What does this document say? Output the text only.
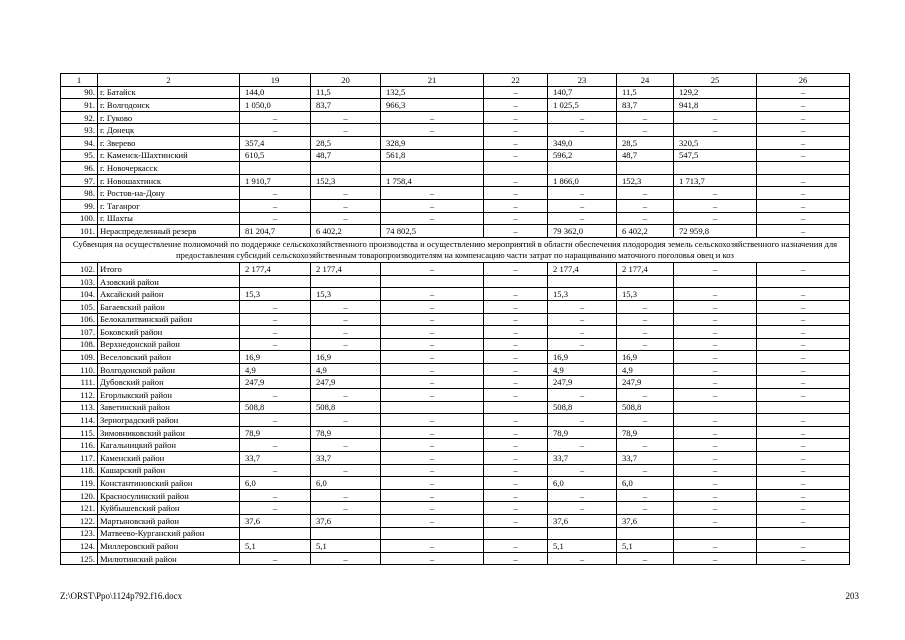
1	2	19	20	21	22	23	24	25	26
90.	г. Батайск	144,0	11,5	132,5	–	140,7	11,5	129,2	–
91.	г. Волгодонск	1 050,0	83,7	966,3	–	1 025,5	83,7	941,8	–
92.	г. Гуково	–	–	–	–	–	–	–	–
93.	г. Донецк	–	–	–	–	–	–	–	–
94.	г. Зверево	357,4	28,5	328,9	–	349,0	28,5	320,5	–
95.	г. Каменск-Шахтинский	610,5	48,7	561,8	–	596,2	48,7	547,5	–
96.	г. Новочеркасск								
97.	г. Новошахтинск	1 910,7	152,3	1 758,4	–	1 866,0	152,3	1 713,7	–
98.	г. Ростов-на-Дону	–	–	–	–	–	–	–	–
99.	г. Таганрог	–	–	–	–	–	–	–	–
100.	г. Шахты	–	–	–	–	–	–	–	–
101.	Нераспределенный резерв	81 204,7	6 402,2	74 802,5	–	79 362,0	6 402,2	72 959,8	–
Субвенция на осуществление полномочий по поддержке сельскохозяйственного производства и осуществлению мероприятий в области обеспечения плодородия земель сельскохозяйственного назначения для предоставления субсидий сельскохозяйственным товаропроизводителям на компенсацию части затрат по наращиванию маточного поголовья овец и коз									
102.	Итого	2 177,4	2 177,4	–	–	2 177,4	2 177,4	–	–
103.	Азовский район								
104.	Аксайский район	15,3	15,3	–	–	15,3	15,3	–	–
105.	Багаевский район	–	–	–	–	–	–	–	–
106.	Белокалитвинский район	–	–	–	–	–	–	–	–
107.	Боковский район	–	–	–	–	–	–	–	–
108.	Верхнедонской район	–	–	–	–	–	–	–	–
109.	Веселовский район	16,9	16,9	–	–	16,9	16,9	–	–
110.	Волгодонской район	4,9	4,9	–	–	4,9	4,9	–	–
111.	Дубовский район	247,9	247,9	–	–	247,9	247,9	–	–
112.	Егорлыкский район	–	–	–	–	–	–	–	–
113.	Заветинский район	508,8	508,8			508,8	508,8		
114.	Зерноградский район	–	–	–	–	–	–	–	–
115.	Зимовниковский район	78,9	78,9	–	–	78,9	78,9	–	–
116.	Кагальницкий район	–	–	–	–	–	–	–	–
117.	Каменский район	33,7	33,7	–	–	33,7	33,7	–	–
118.	Кашарский район	–	–	–	–	–	–	–	–
119.	Константиновский район	6,0	6,0	–	–	6,0	6,0	–	–
120.	Красносулинский район	–	–	–	–	–	–	–	–
121.	Куйбышевский район	–	–	–	–	–	–	–	–
122.	Мартыновский район	37,6	37,6	–	–	37,6	37,6	–	–
123.	Матвеево-Курганский район								
124.	Миллеровский район	5,1	5,1	–	–	5,1	5,1	–	–
125.	Милютинский район	–	–	–	–	–	–	–	–
Z:\ORST\Ppo\1124p792.f16.docx	203
